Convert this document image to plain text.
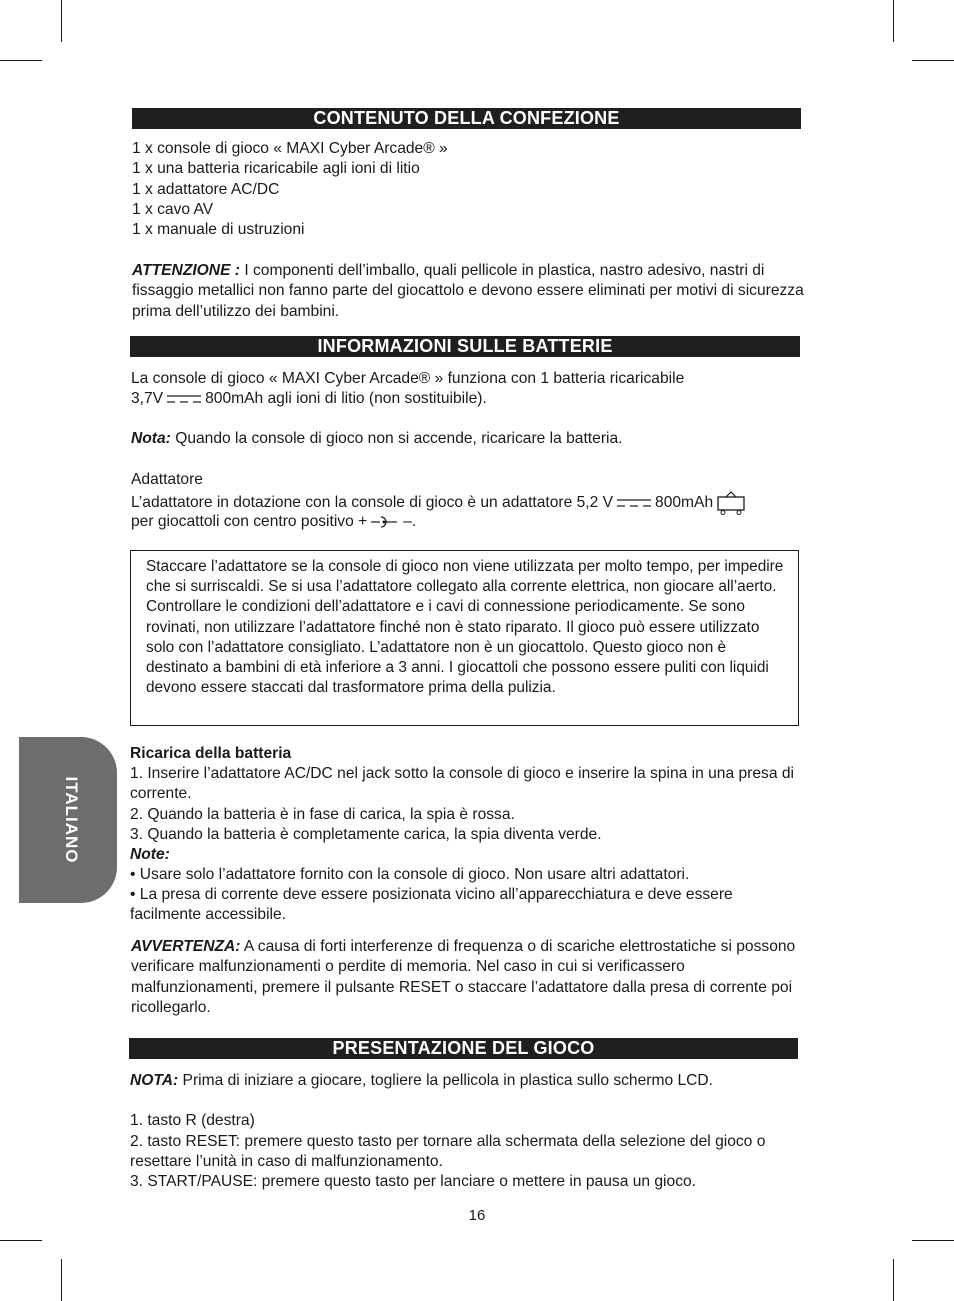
ITALIANO
CONTENUTO DELLA CONFEZIONE
1 x console di gioco « MAXI Cyber Arcade® »
1 x una batteria ricaricabile agli ioni di litio
1 x adattatore AC/DC
1 x cavo AV
1 x manuale di ustruzioni
ATTENZIONE : I componenti dell’imballo, quali pellicole in plastica, nastro adesivo, nastri di fissaggio metallici non fanno parte del giocattolo e devono essere eliminati per motivi di sicurezza prima dell’utilizzo dei bambini.
INFORMAZIONI SULLE BATTERIE
La console di gioco « MAXI Cyber Arcade® » funziona con 1 batteria ricaricabile
3,7V	800mAh agli ioni di litio (non sostituibile).
Nota: Quando la console di gioco non si accende, ricaricare la batteria.
Adattatore
L’adattatore in dotazione con la console di gioco è un adattatore 5,2 V	800mAh
per giocattoli con centro positivo + –.
Staccare l’adattatore se la console di gioco non viene utilizzata per molto tempo, per impedire che si surriscaldi. Se si usa l’adattatore collegato alla corrente elettrica, non giocare all’aerto. Controllare le condizioni dell’adattatore e i cavi di connessione periodicamente. Se sono rovinati, non utilizzare l’adattatore finché non è stato riparato. Il gioco può essere utilizzato solo con l’adattatore consigliato. L’adattatore non è un giocattolo. Questo gioco non è destinato a bambini di età inferiore a 3 anni. I giocattoli che possono essere puliti con liquidi devono essere staccati dal trasformatore prima della pulizia.
Ricarica della batteria
1. Inserire l’adattatore AC/DC nel jack sotto la console di gioco e inserire la spina in una presa di corrente.
2. Quando la batteria è in fase di carica, la spia è rossa.
3. Quando la batteria è completamente carica, la spia diventa verde.
Note:
• Usare solo l’adattatore fornito con la console di gioco. Non usare altri adattatori.
• La presa di corrente deve essere posizionata vicino all’apparecchiatura e deve essere facilmente accessibile.
AVVERTENZA: A causa di forti interferenze di frequenza o di scariche elettrostatiche si possono verificare malfunzionamenti o perdite di memoria. Nel caso in cui si verificassero malfunzionamenti, premere il pulsante RESET o staccare l’adattatore dalla presa di corrente poi ricollegarlo.
PRESENTAZIONE DEL GIOCO
NOTA: Prima di iniziare a giocare, togliere la pellicola in plastica sullo schermo LCD.
1. tasto R (destra)
2. tasto RESET: premere questo tasto per tornare alla schermata della selezione del gioco o resettare l’unità in caso di malfunzionamento.
3. START/PAUSE: premere questo tasto per lanciare o mettere in pausa un gioco.
16
